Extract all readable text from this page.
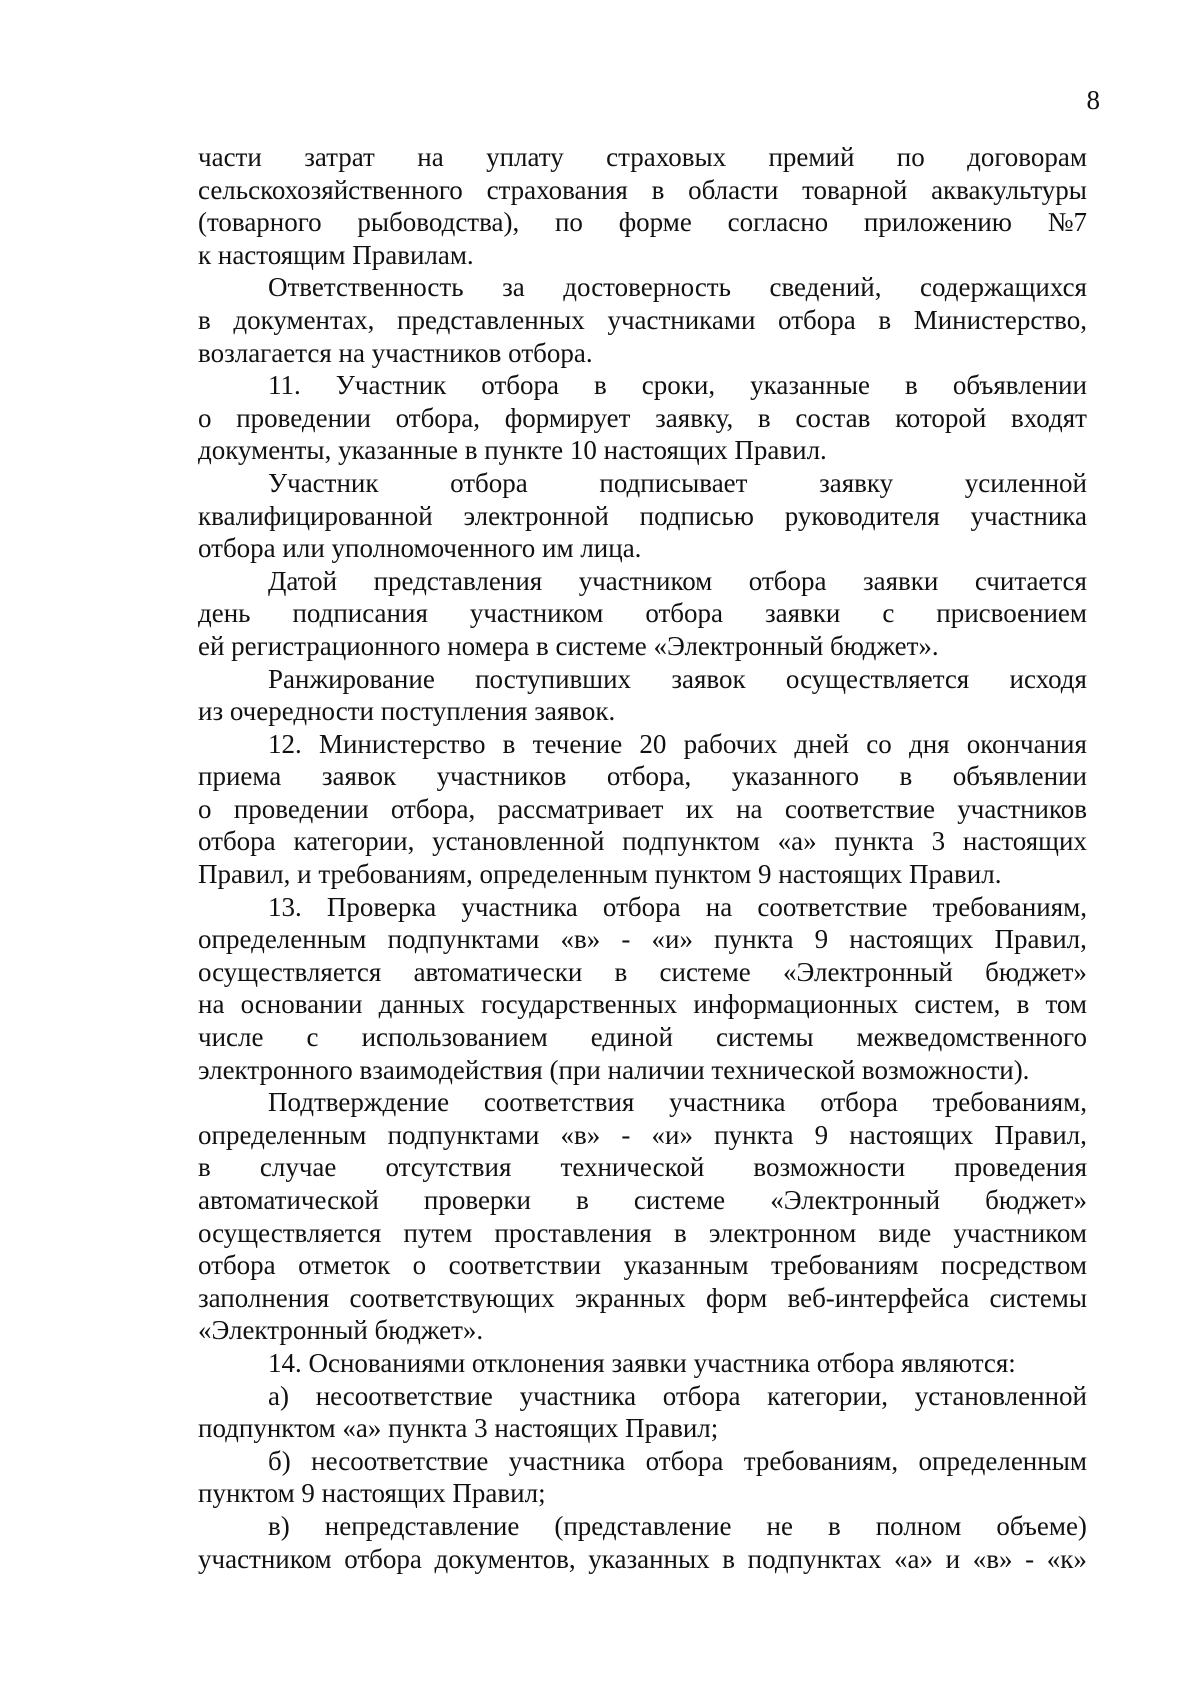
8
части затрат на уплату страховых премий по договорам
сельскохозяйственного страхования в области товарной аквакультуры
(товарного рыбоводства), по форме согласно приложению №7
к настоящим Правилам.
Ответственность за достоверность сведений, содержащихся
в документах, представленных участниками отбора в Министерство,
возлагается на участников отбора.
11. Участник отбора в сроки, указанные в объявлении
о проведении отбора, формирует заявку, в состав которой входят
документы, указанные в пункте 10 настоящих Правил.
Участник	отбора	подписывает	заявку	усиленной
квалифицированной электронной подписью руководителя участника
отбора или уполномоченного им лица.
Датой представления участником отбора заявки считается
день подписания участником отбора заявки с присвоением
ей регистрационного номера в системе «Электронный бюджет».
Ранжирование поступивших заявок осуществляется исходя
из очередности поступления заявок.
12. Министерство в течение 20 рабочих дней со дня окончания
приема заявок участников отбора, указанного в объявлении
о проведении отбора, рассматривает их на соответствие участников
отбора категории, установленной подпунктом «а» пункта 3 настоящих
Правил, и требованиям, определенным пунктом 9 настоящих Правил.
13. Проверка участника отбора на соответствие требованиям,
определенным подпунктами «в» - «и» пункта 9 настоящих Правил,
осуществляется автоматически в системе «Электронный бюджет»
на основании данных государственных информационных систем, в том
числе с использованием единой системы межведомственного
электронного взаимодействия (при наличии технической возможности).
Подтверждение соответствия участника отбора требованиям,
определенным подпунктами «в» - «и» пункта 9 настоящих Правил,
в случае отсутствия технической возможности проведения
автоматической проверки в системе «Электронный бюджет»
осуществляется путем проставления в электронном виде участником
отбора отметок о соответствии указанным требованиям посредством
заполнения соответствующих экранных форм веб-интерфейса системы
«Электронный бюджет».
14. Основаниями отклонения заявки участника отбора являются:
а) несоответствие участника отбора категории, установленной
подпунктом «а» пункта 3 настоящих Правил;
б) несоответствие участника отбора требованиям, определенным
пунктом 9 настоящих Правил;
в) непредставление (представление не в полном объеме)
участником отбора документов, указанных в подпунктах «а» и «в» - «к»
